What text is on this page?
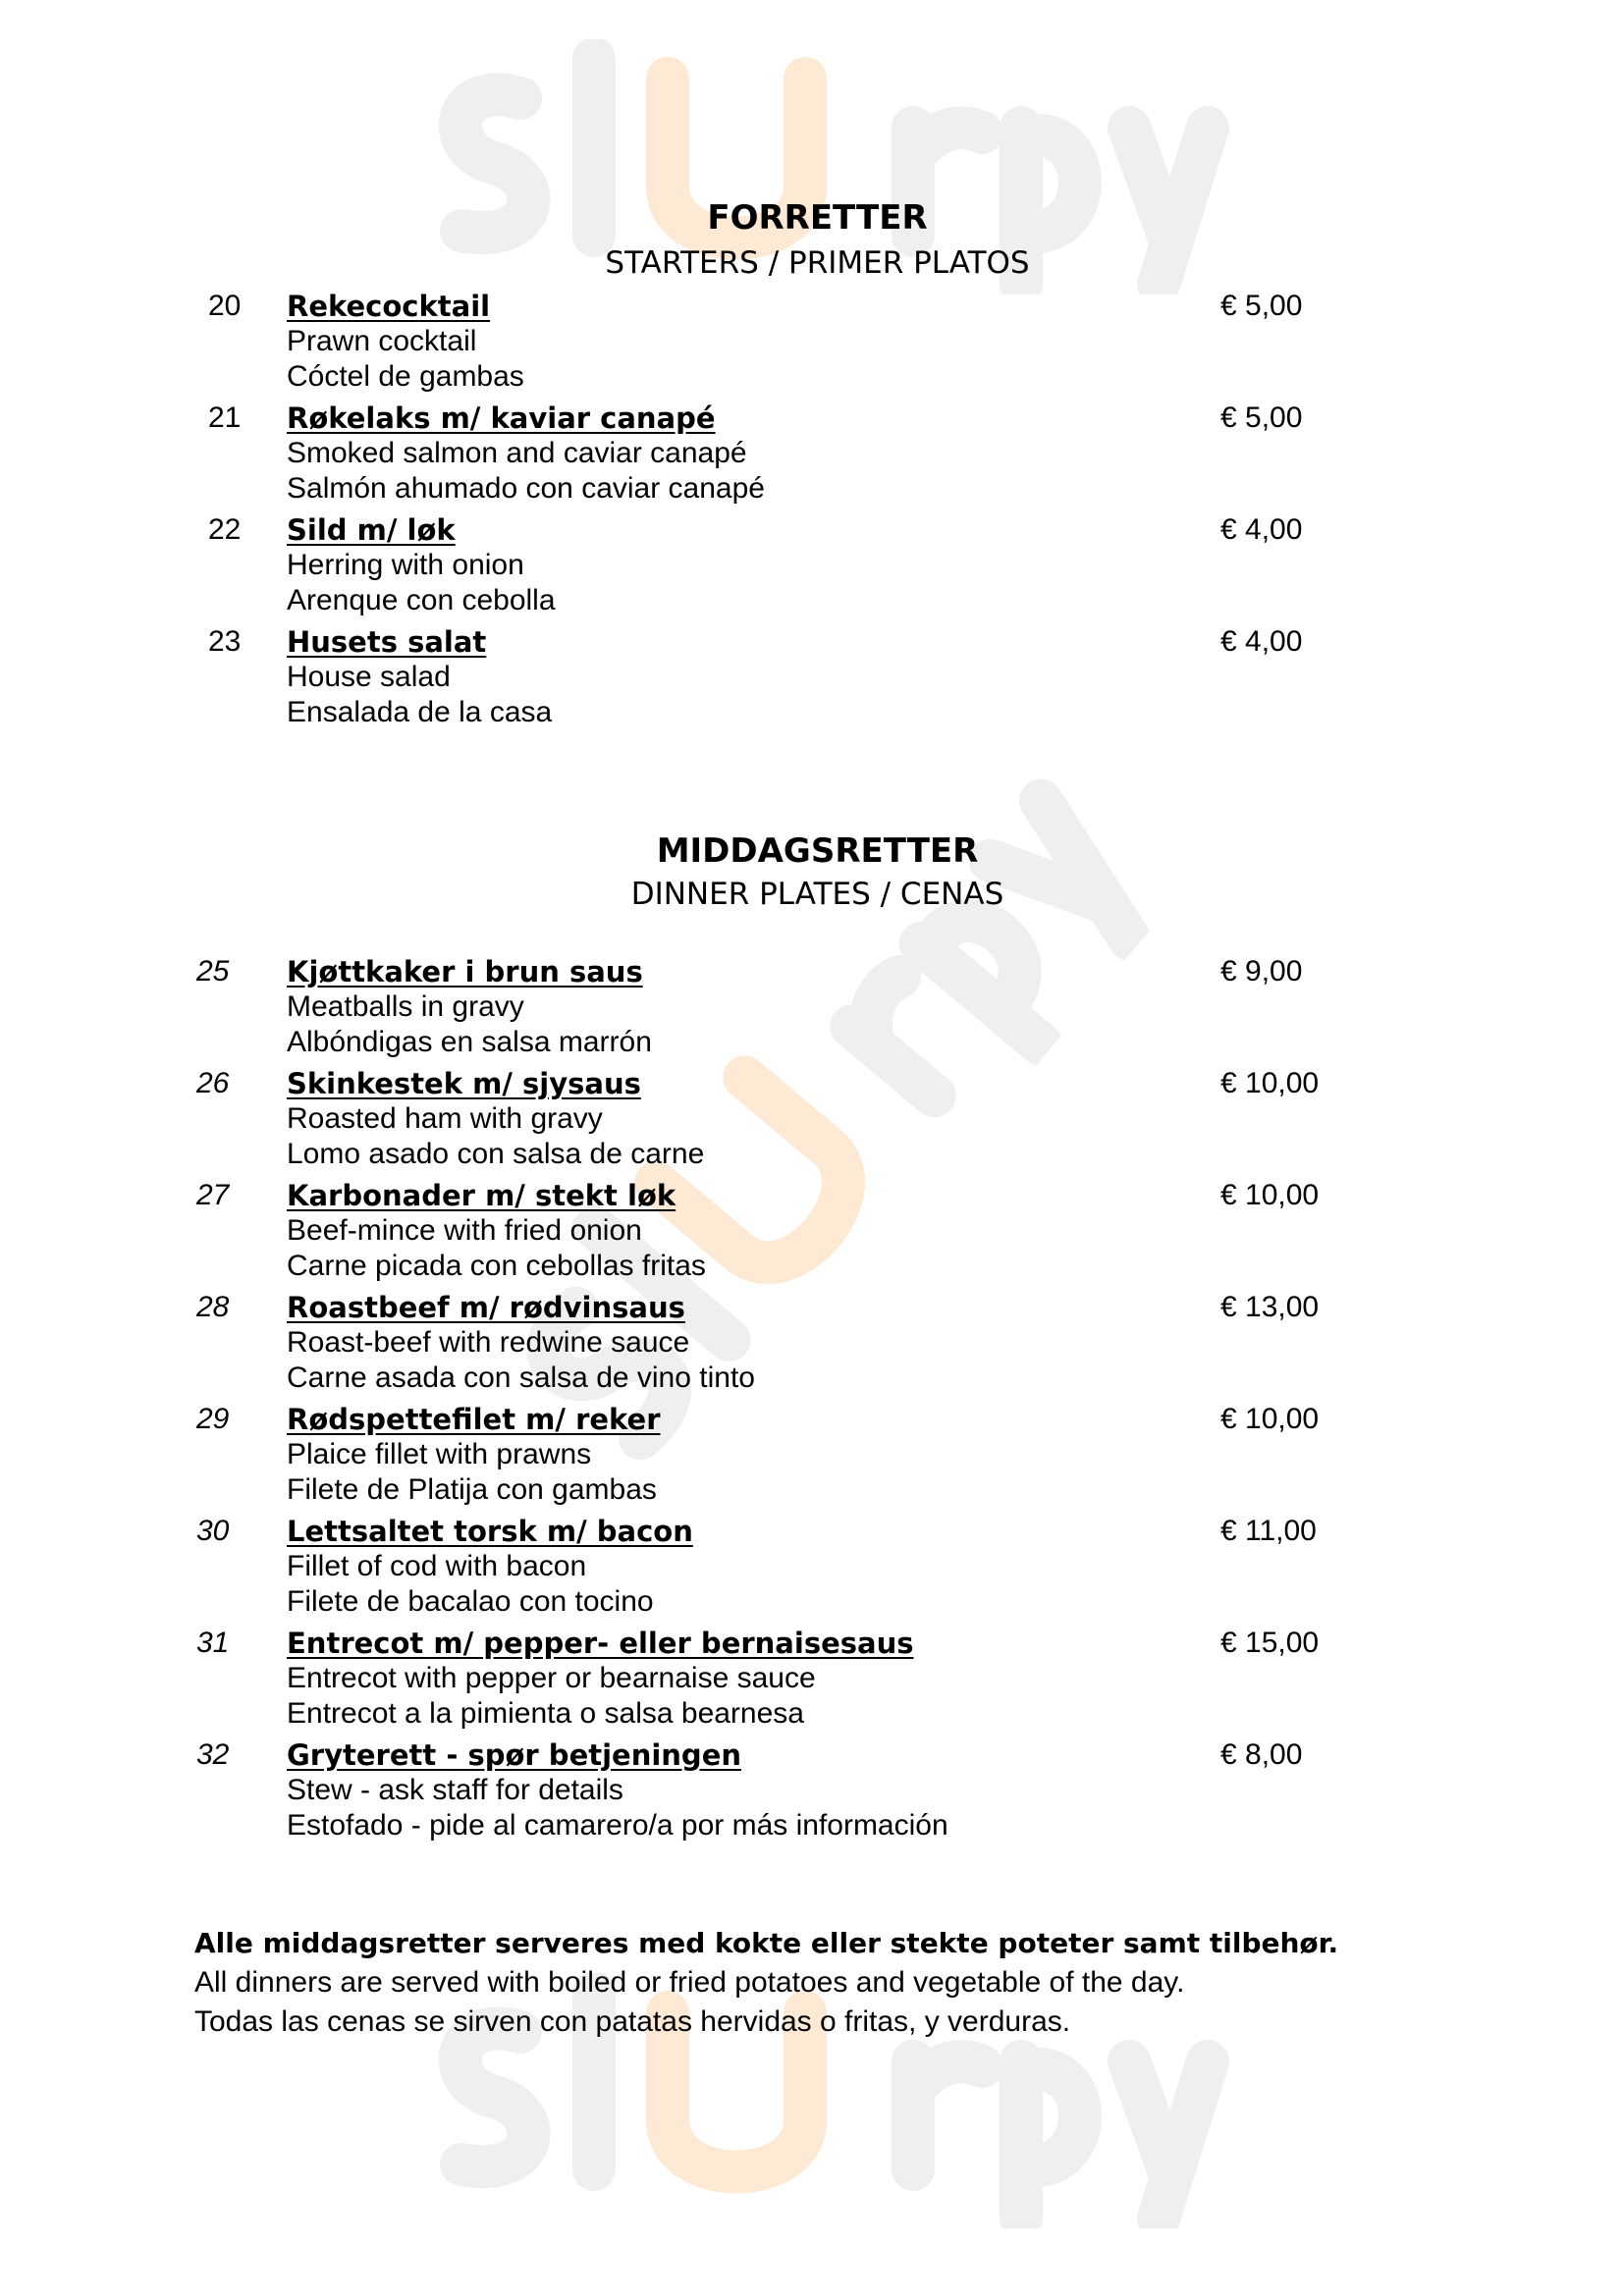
FORRETTER
STARTERS / PRIMER PLATOS
20 Rekecocktail
Prawn cocktail
Cóctel de gambas
€ 5,00
21 Røkelaks m/ kaviar canapé
Smoked salmon and caviar canapé
Salmón ahumado con caviar canapé
€ 5,00
22 Sild m/ løk
Herring with onion
Arenque con cebolla
€ 4,00
23 Husets salat
House salad
Ensalada de la casa
€ 4,00
MIDDAGSRETTER
DINNER PLATES / CENAS
25 Kjøttkaker i brun saus
Meatballs in gravy
Albóndigas en salsa marrón
€ 9,00
26 Skinkestek m/ sjysaus
Roasted ham with gravy
Lomo asado con salsa de carne
€ 10,00
27 Karbonader m/ stekt løk
Beef-mince with fried onion
Carne picada con cebollas fritas
€ 10,00
28 Roastbeef m/ rødvinsaus
Roast-beef with redwine sauce
Carne asada con salsa de vino tinto
€ 13,00
29 Rødspettefilet m/ reker
Plaice fillet with prawns
Filete de Platija con gambas
€ 10,00
30 Lettsaltet torsk m/ bacon
Fillet of cod with bacon
Filete de bacalao con tocino
€ 11,00
31 Entrecot m/ pepper- eller bernaisesaus
Entrecot with pepper or bearnaise sauce
Entrecot a la pimienta o salsa bearnesa
€ 15,00
32 Gryterett - spør betjeningen
Stew - ask staff for details
Estofado - pide al camarero/a por más información
€ 8,00
Alle middagsretter serveres med kokte eller stekte poteter samt tilbehør.
All dinners are served with boiled or fried potatoes and vegetable of the day.
Todas las cenas se sirven con patatas hervidas o fritas, y verduras.
